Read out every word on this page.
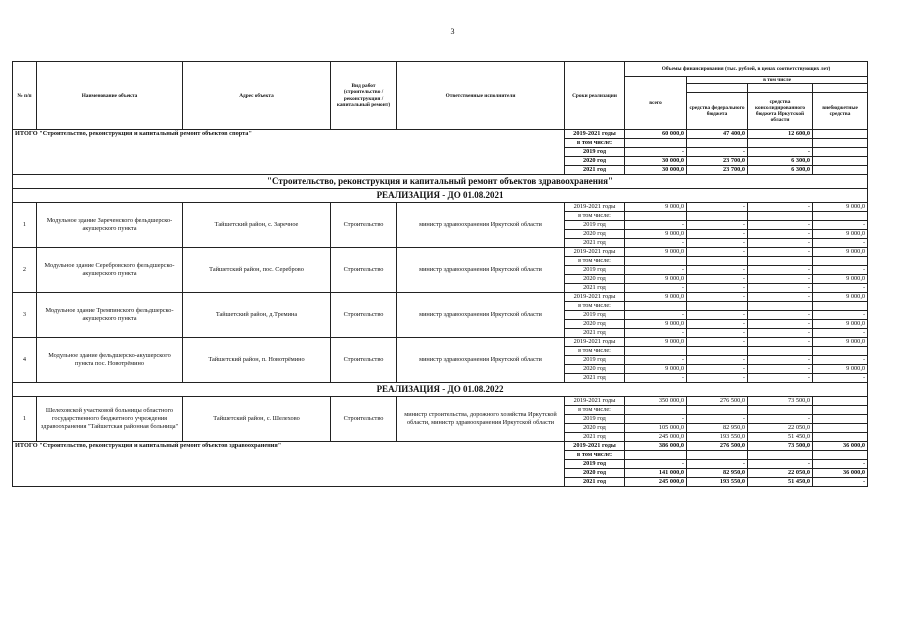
3
№ п/п	Наименование объекта	Адрес объекта	Вид работ (строительство /реконструкция /капитальный ремонт)	Ответственные исполнители	Сроки реализации	Объемы финансирования (тыс. рублей, в ценах соответствующих лет)			
						всего	в том числе		

							средства федерального бюджета	средства консолидированного бюджета Иркутской области	внебюджетные средства
ИТОГО "Строительство, реконструкция и капитальный ремонт объектов спорта"					2019-2021 годы	60 000,0	47 400,0	12 600,0	
					в том числе:				
					2019 год	-	-	-	
					2020 год	30 000,0	23 700,0	6 300,0	
					2021 год	30 000,0	23 700,0	6 300,0	
"Строительство, реконструкция и капитальный ремонт объектов здравоохранения"									
РЕАЛИЗАЦИЯ - ДО 01.08.2021									
1	Модульное здание Зареченского фельдшерско-акушерского пункта	Тайшетский район, с. Заречное	Строительство	министр здравоохранения Иркутской области	2019-2021 годы	9 000,0	-	-	9 000,0
					в том числе:				
					2019 год	-	-	-	-
					2020 год	9 000,0	-	-	9 000,0
					2021 год	-	-	-	-
2	Модульное здание Серебровского фельдшерско-акушерского пункта	Тайшетский район, пос. Сереброво	Строительство	министр здравоохранения Иркутской области	2019-2021 годы	9 000,0	-	-	9 000,0
					в том числе:				
					2019 год	-	-	-	-
					2020 год	9 000,0	-	-	9 000,0
					2021 год	-	-	-	-
3	Модульное здание Тремпинского фельдшерско-акушерского пункта	Тайшетский район, д.Тремина	Строительство	министр здравоохранения Иркутской области	2019-2021 годы	9 000,0	-	-	9 000,0
					в том числе:				
					2019 год	-	-	-	-
					2020 год	9 000,0	-	-	9 000,0
					2021 год	-	-	-	-
4	Модульное здание фельдшерско-акушерского пункта пос. Новотрёмино	Тайшетский район, п. Новотрёмино	Строительство	министр здравоохранения Иркутской области	2019-2021 годы	9 000,0	-	-	9 000,0
					в том числе:				
					2019 год	-	-	-	-
					2020 год	9 000,0	-	-	9 000,0
					2021 год	-	-	-	-
РЕАЛИЗАЦИЯ - ДО 01.08.2022									
1	Шелеховской участковой больницы областного государственного бюджетного учреждения здравоохранения "Тайшетская районная больница"	Тайшетский район, с. Шелехово	Строительство	министр строительства, дорожного хозяйства Иркутской области, министр здравоохранения Иркутской области	2019-2021 годы	350 000,0	276 500,0	73 500,0	
					в том числе:				
					2019 год	-	-	-	
					2020 год	105 000,0	82 950,0	22 050,0	
					2021 год	245 000,0	193 550,0	51 450,0	
ИТОГО "Строительство, реконструкция и капитальный ремонт объектов здравоохранения"					2019-2021 годы	386 000,0	276 500,0	73 500,0	36 000,0
					в том числе:				
					2019 год	-	-	-	-
					2020 год	141 000,0	82 950,0	22 050,0	36 000,0
					2021 год	245 000,0	193 550,0	51 450,0	-
